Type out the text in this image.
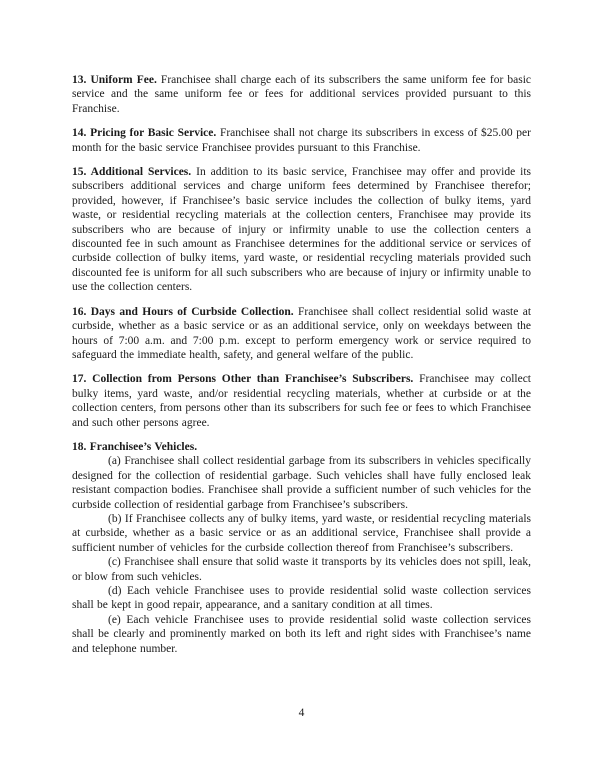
13. Uniform Fee. Franchisee shall charge each of its subscribers the same uniform fee for basic service and the same uniform fee or fees for additional services provided pursuant to this Franchise.

14. Pricing for Basic Service. Franchisee shall not charge its subscribers in excess of $25.00 per month for the basic service Franchisee provides pursuant to this Franchise.

15. Additional Services. In addition to its basic service, Franchisee may offer and provide its subscribers additional services and charge uniform fees determined by Franchisee therefor; provided, however, if Franchisee’s basic service includes the collection of bulky items, yard waste, or residential recycling materials at the collection centers, Franchisee may provide its subscribers who are because of injury or infirmity unable to use the collection centers a discounted fee in such amount as Franchisee determines for the additional service or services of curbside collection of bulky items, yard waste, or residential recycling materials provided such discounted fee is uniform for all such subscribers who are because of injury or infirmity unable to use the collection centers.

16. Days and Hours of Curbside Collection. Franchisee shall collect residential solid waste at curbside, whether as a basic service or as an additional service, only on weekdays between the hours of 7:00 a.m. and 7:00 p.m. except to perform emergency work or service required to safeguard the immediate health, safety, and general welfare of the public.

17. Collection from Persons Other than Franchisee’s Subscribers. Franchisee may collect bulky items, yard waste, and/or residential recycling materials, whether at curbside or at the collection centers, from persons other than its subscribers for such fee or fees to which Franchisee and such other persons agree.

18. Franchisee’s Vehicles.

(a) Franchisee shall collect residential garbage from its subscribers in vehicles specifically designed for the collection of residential garbage. Such vehicles shall have fully enclosed leak resistant compaction bodies. Franchisee shall provide a sufficient number of such vehicles for the curbside collection of residential garbage from Franchisee’s subscribers.

(b) If Franchisee collects any of bulky items, yard waste, or residential recycling materials at curbside, whether as a basic service or as an additional service, Franchisee shall provide a sufficient number of vehicles for the curbside collection thereof from Franchisee’s subscribers.

(c) Franchisee shall ensure that solid waste it transports by its vehicles does not spill, leak, or blow from such vehicles.

(d) Each vehicle Franchisee uses to provide residential solid waste collection services shall be kept in good repair, appearance, and a sanitary condition at all times.

(e) Each vehicle Franchisee uses to provide residential solid waste collection services shall be clearly and prominently marked on both its left and right sides with Franchisee’s name and telephone number.

4
